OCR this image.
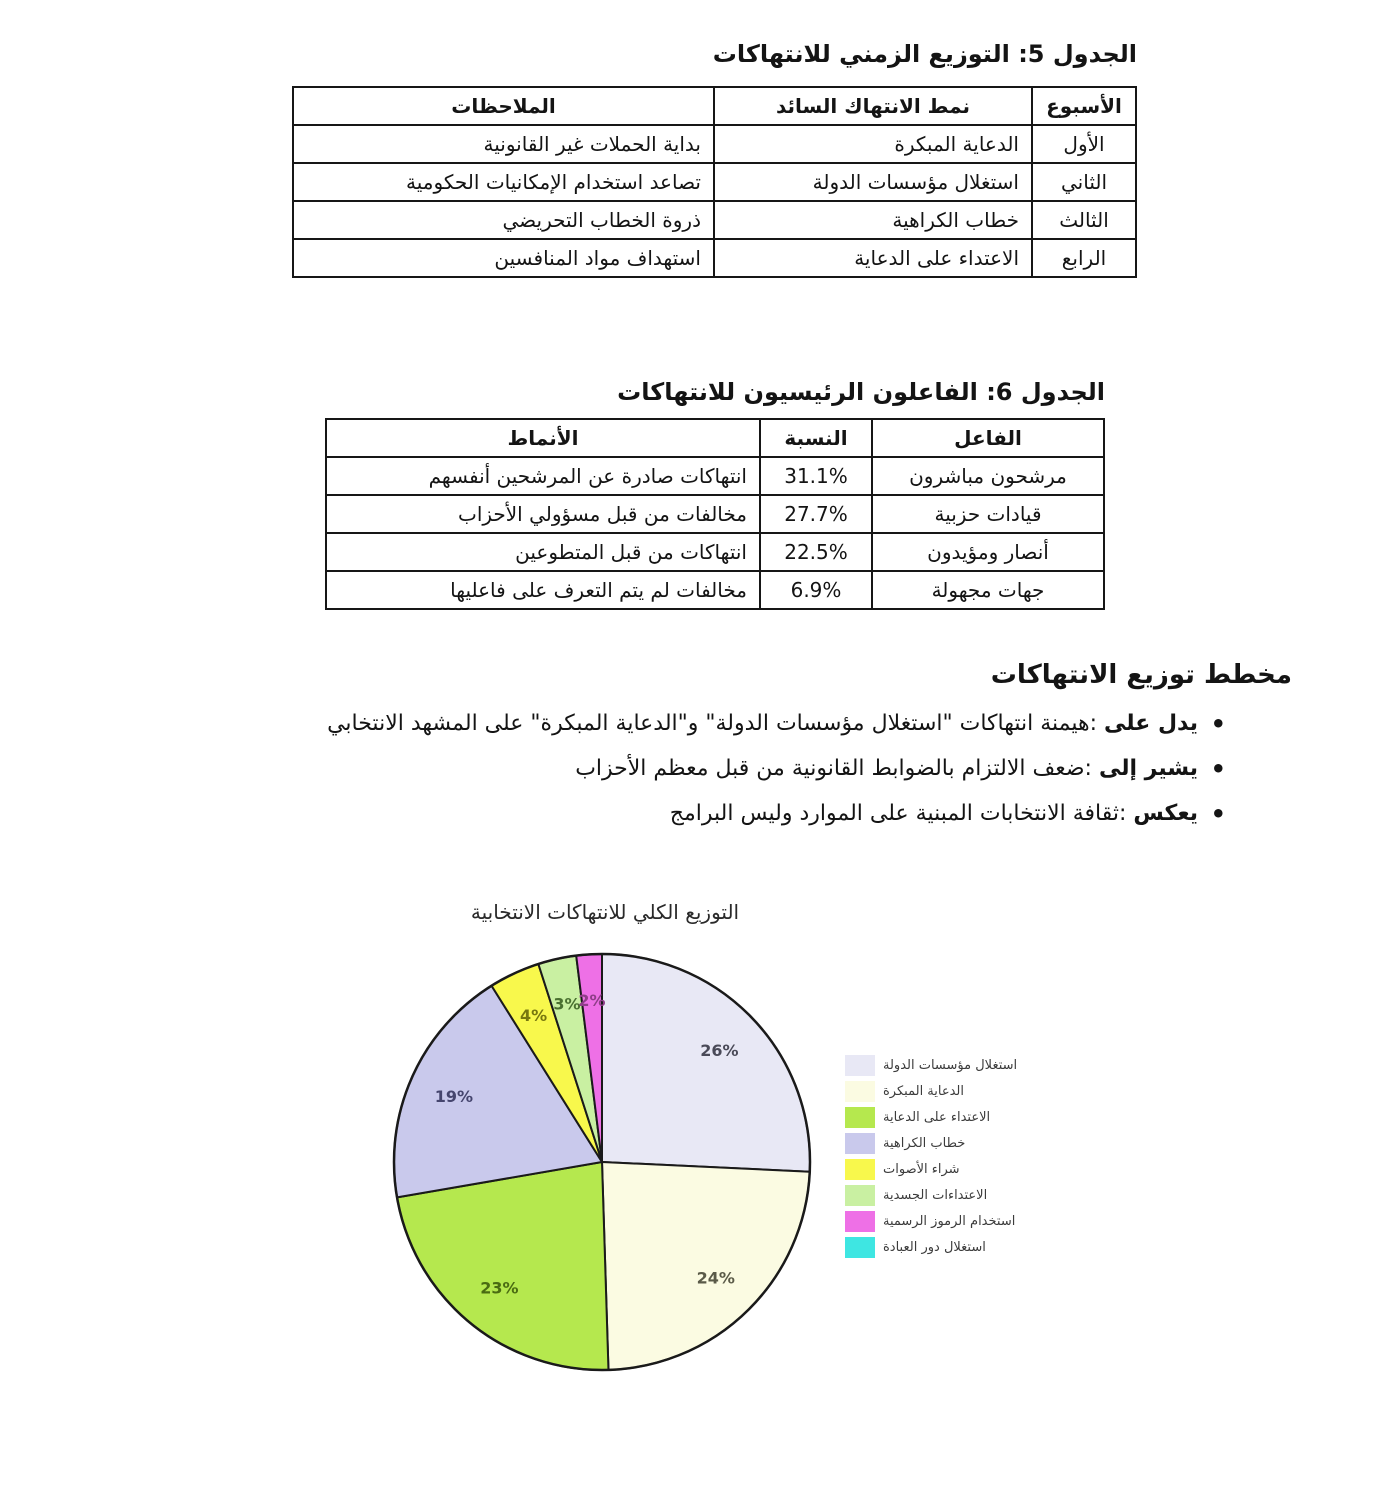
الجدول 5: التوزيع الزمني للانتهاكات
الأسبوع	نمط الانتهاك السائد	الملاحظات
الأول	الدعاية المبكرة	بداية الحملات غير القانونية
الثاني	استغلال مؤسسات الدولة	تصاعد استخدام الإمكانيات الحكومية
الثالث	خطاب الكراهية	ذروة الخطاب التحريضي
الرابع	الاعتداء على الدعاية	استهداف مواد المنافسين
الجدول 6: الفاعلون الرئيسيون للانتهاكات
الفاعل	النسبة	الأنماط
مرشحون مباشرون	31.1%	انتهاكات صادرة عن المرشحين أنفسهم
قيادات حزبية	27.7%	مخالفات من قبل مسؤولي الأحزاب
أنصار ومؤيدون	22.5%	انتهاكات من قبل المتطوعين
جهات مجهولة	6.9%	مخالفات لم يتم التعرف على فاعليها
مخطط توزيع الانتهاكات
• يدل على :هيمنة انتهاكات "استغلال مؤسسات الدولة" و"الدعاية المبكرة" على المشهد الانتخابي
• يشير إلى :ضعف الالتزام بالضوابط القانونية من قبل معظم الأحزاب
• يعكس :ثقافة الانتخابات المبنية على الموارد وليس البرامج
التوزيع الكلي للانتهاكات الانتخابية
26%
24%
23%
19%
4%
3%
2%
استغلال مؤسسات الدولة
الدعاية المبكرة
الاعتداء على الدعاية
خطاب الكراهية
شراء الأصوات
الاعتداءات الجسدية
استخدام الرموز الرسمية
استغلال دور العبادة
